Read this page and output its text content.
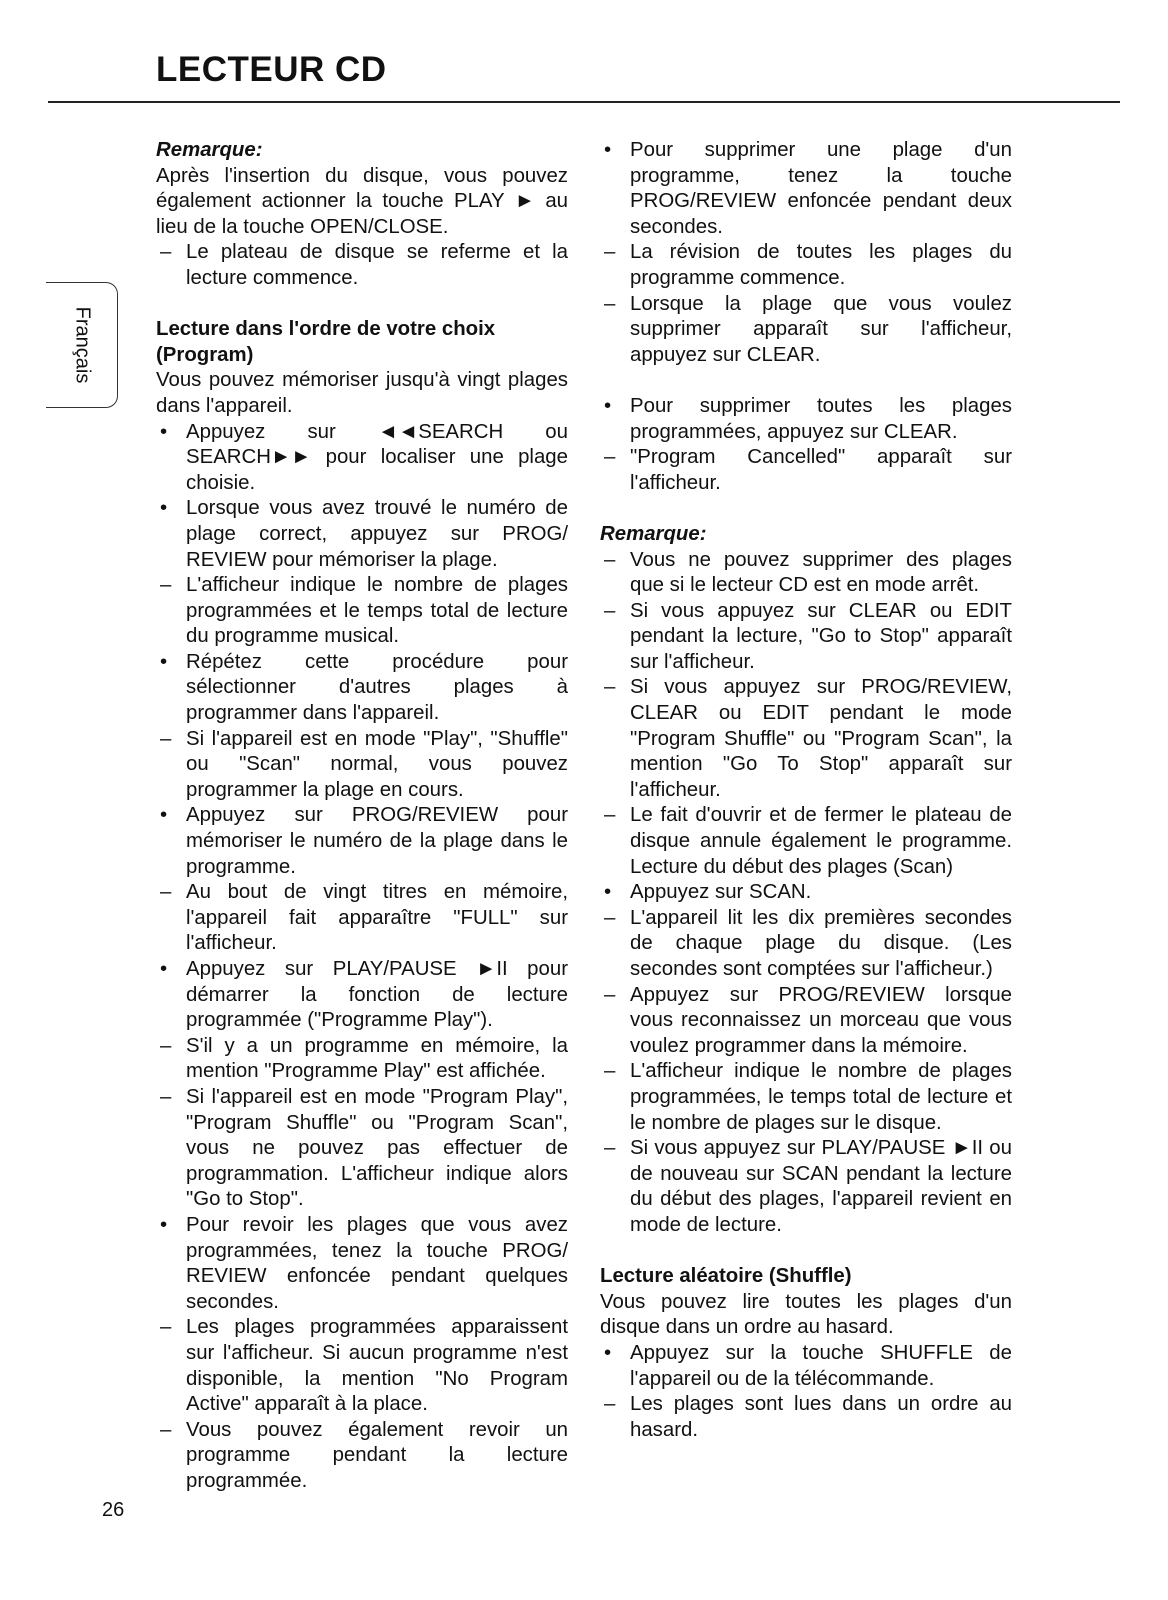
LECTEUR CD
Français

Remarque:

Après l'insertion du disque, vous pouvez également actionner la touche PLAY ► au lieu de la touche OPEN/CLOSE.

– Le plateau de disque se referme et la lecture commence.

Lecture dans l'ordre de votre choix

(Program)

Vous pouvez mémoriser jusqu'à vingt plages dans l'appareil.

• Appuyez sur ◄◄SEARCH ou SEARCH►► pour localiser une plage choisie.
• Lorsque vous avez trouvé le numéro de plage correct, appuyez sur PROG/ REVIEW pour mémoriser la plage.
– L'afficheur indique le nombre de plages programmées et le temps total de lecture du programme musical.
• Répétez cette procédure pour sélectionner d'autres plages à programmer dans l'appareil.
– Si l'appareil est en mode "Play", "Shuffle" ou "Scan" normal, vous pouvez programmer la plage en cours.
• Appuyez sur PROG/REVIEW pour mémoriser le numéro de la plage dans le programme.
– Au bout de vingt titres en mémoire, l'appareil fait apparaître "FULL" sur l'afficheur.
• Appuyez sur PLAY/PAUSE ►II pour démarrer la fonction de lecture programmée ("Programme Play").
– S'il y a un programme en mémoire, la mention "Programme Play" est affichée.
– Si l'appareil est en mode "Program Play", "Program Shuffle" ou "Program Scan", vous ne pouvez pas effectuer de programmation. L'afficheur indique alors "Go to Stop".
• Pour revoir les plages que vous avez programmées, tenez la touche PROG/ REVIEW enfoncée pendant quelques secondes.
– Les plages programmées apparaissent sur l'afficheur. Si aucun programme n'est disponible, la mention "No Program Active" apparaît à la place.
– Vous pouvez également revoir un programme pendant la lecture programmée.
• Pour supprimer une plage d'un programme, tenez la touche PROG/REVIEW enfoncée pendant deux secondes.
– La révision de toutes les plages du programme commence.
– Lorsque la plage que vous voulez supprimer apparaît sur l'afficheur, appuyez sur CLEAR.
• Pour supprimer toutes les plages programmées, appuyez sur CLEAR.
– "Program Cancelled" apparaît sur l'afficheur.

Remarque:

– Vous ne pouvez supprimer des plages que si le lecteur CD est en mode arrêt.
– Si vous appuyez sur CLEAR ou EDIT pendant la lecture, "Go to Stop" apparaît sur l'afficheur.
– Si vous appuyez sur PROG/REVIEW, CLEAR ou EDIT pendant le mode "Program Shuffle" ou "Program Scan", la mention "Go To Stop" apparaît sur l'afficheur.
– Le fait d'ouvrir et de fermer le plateau de disque annule également le programme. Lecture du début des plages (Scan)
• Appuyez sur SCAN.
– L'appareil lit les dix premières secondes de chaque plage du disque. (Les secondes sont comptées sur l'afficheur.)
– Appuyez sur PROG/REVIEW lorsque vous reconnaissez un morceau que vous voulez programmer dans la mémoire.
– L'afficheur indique le nombre de plages programmées, le temps total de lecture et le nombre de plages sur le disque.
– Si vous appuyez sur PLAY/PAUSE ►II ou de nouveau sur SCAN pendant la lecture du début des plages, l'appareil revient en mode de lecture.

Lecture aléatoire (Shuffle)

Vous pouvez lire toutes les plages d'un disque dans un ordre au hasard.

• Appuyez sur la touche SHUFFLE de l'appareil ou de la télécommande.
– Les plages sont lues dans un ordre au hasard.
26
